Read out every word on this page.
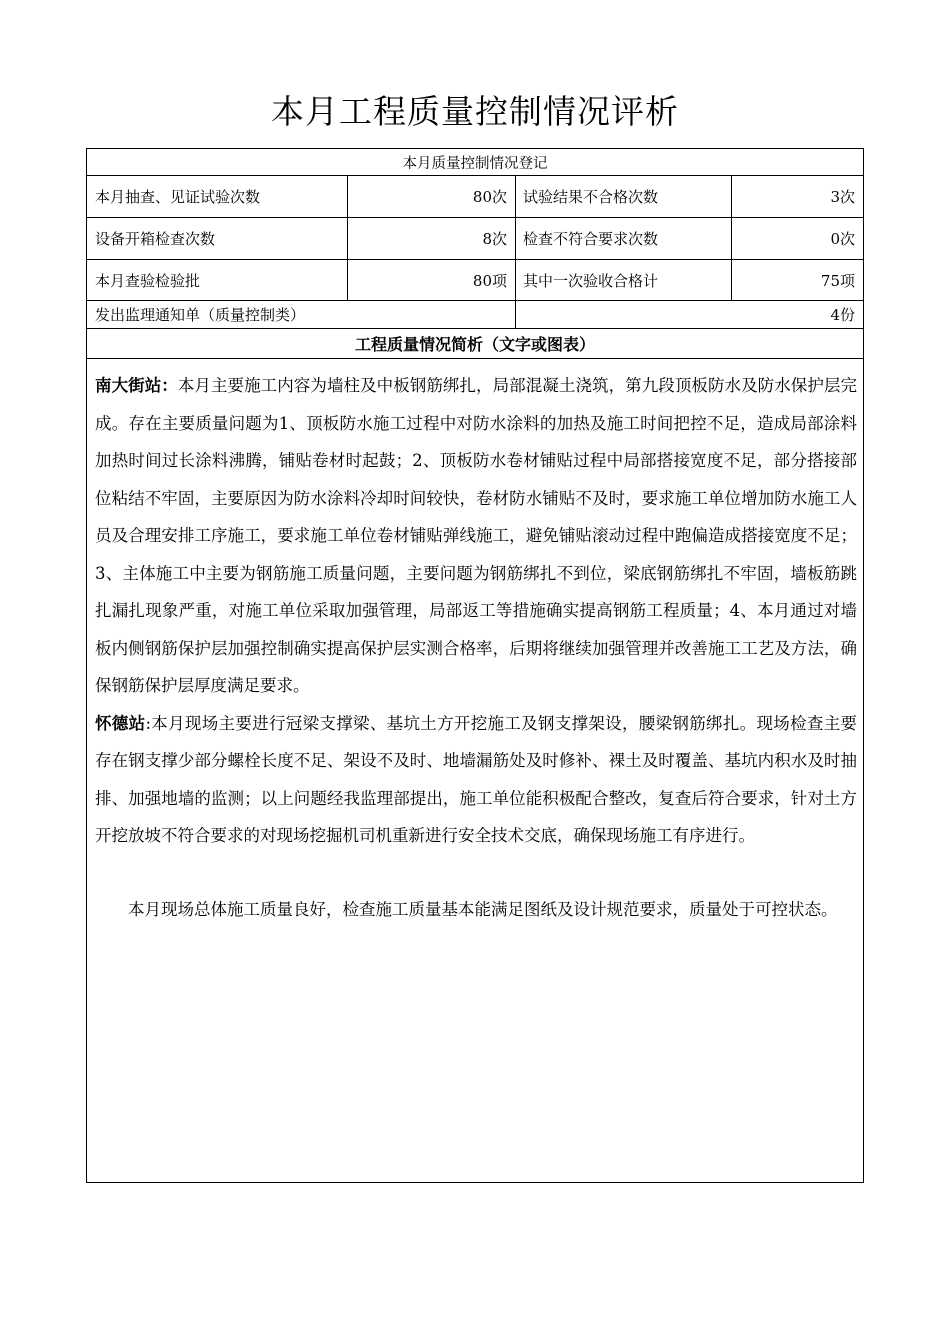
本月工程质量控制情况评析
本月质量控制情况登记
本月抽查、见证试验次数	80次	试验结果不合格次数	3次
设备开箱检查次数	8次	检查不符合要求次数	0次
本月查验检验批	80项	其中一次验收合格计	75项
发出监理通知单（质量控制类）	4份
工程质量情况简析（文字或图表）

南大街站：本月主要施工内容为墙柱及中板钢筋绑扎，局部混凝土浇筑，第九段顶板防水及防水保护层完成。存在主要质量问题为1、顶板防水施工过程中对防水涂料的加热及施工时间把控不足，造成局部涂料加热时间过长涂料沸腾，铺贴卷材时起鼓；2、顶板防水卷材铺贴过程中局部搭接宽度不足，部分搭接部位粘结不牢固，主要原因为防水涂料冷却时间较快，卷材防水铺贴不及时，要求施工单位增加防水施工人员及合理安排工序施工，要求施工单位卷材铺贴弹线施工，避免铺贴滚动过程中跑偏造成搭接宽度不足；3、主体施工中主要为钢筋施工质量问题，主要问题为钢筋绑扎不到位，梁底钢筋绑扎不牢固，墙板筋跳扎漏扎现象严重，对施工单位采取加强管理，局部返工等措施确实提高钢筋工程质量；4、本月通过对墙板内侧钢筋保护层加强控制确实提高保护层实测合格率，后期将继续加强管理并改善施工工艺及方法，确保钢筋保护层厚度满足要求。

怀德站:本月现场主要进行冠梁支撑梁、基坑土方开挖施工及钢支撑架设，腰梁钢筋绑扎。现场检查主要存在钢支撑少部分螺栓长度不足、架设不及时、地墙漏筋处及时修补、裸土及时覆盖、基坑内积水及时抽排、加强地墙的监测；以上问题经我监理部提出，施工单位能积极配合整改，复查后符合要求，针对土方开挖放坡不符合要求的对现场挖掘机司机重新进行安全技术交底，确保现场施工有序进行。

本月现场总体施工质量良好，检查施工质量基本能满足图纸及设计规范要求，质量处于可控状态。
